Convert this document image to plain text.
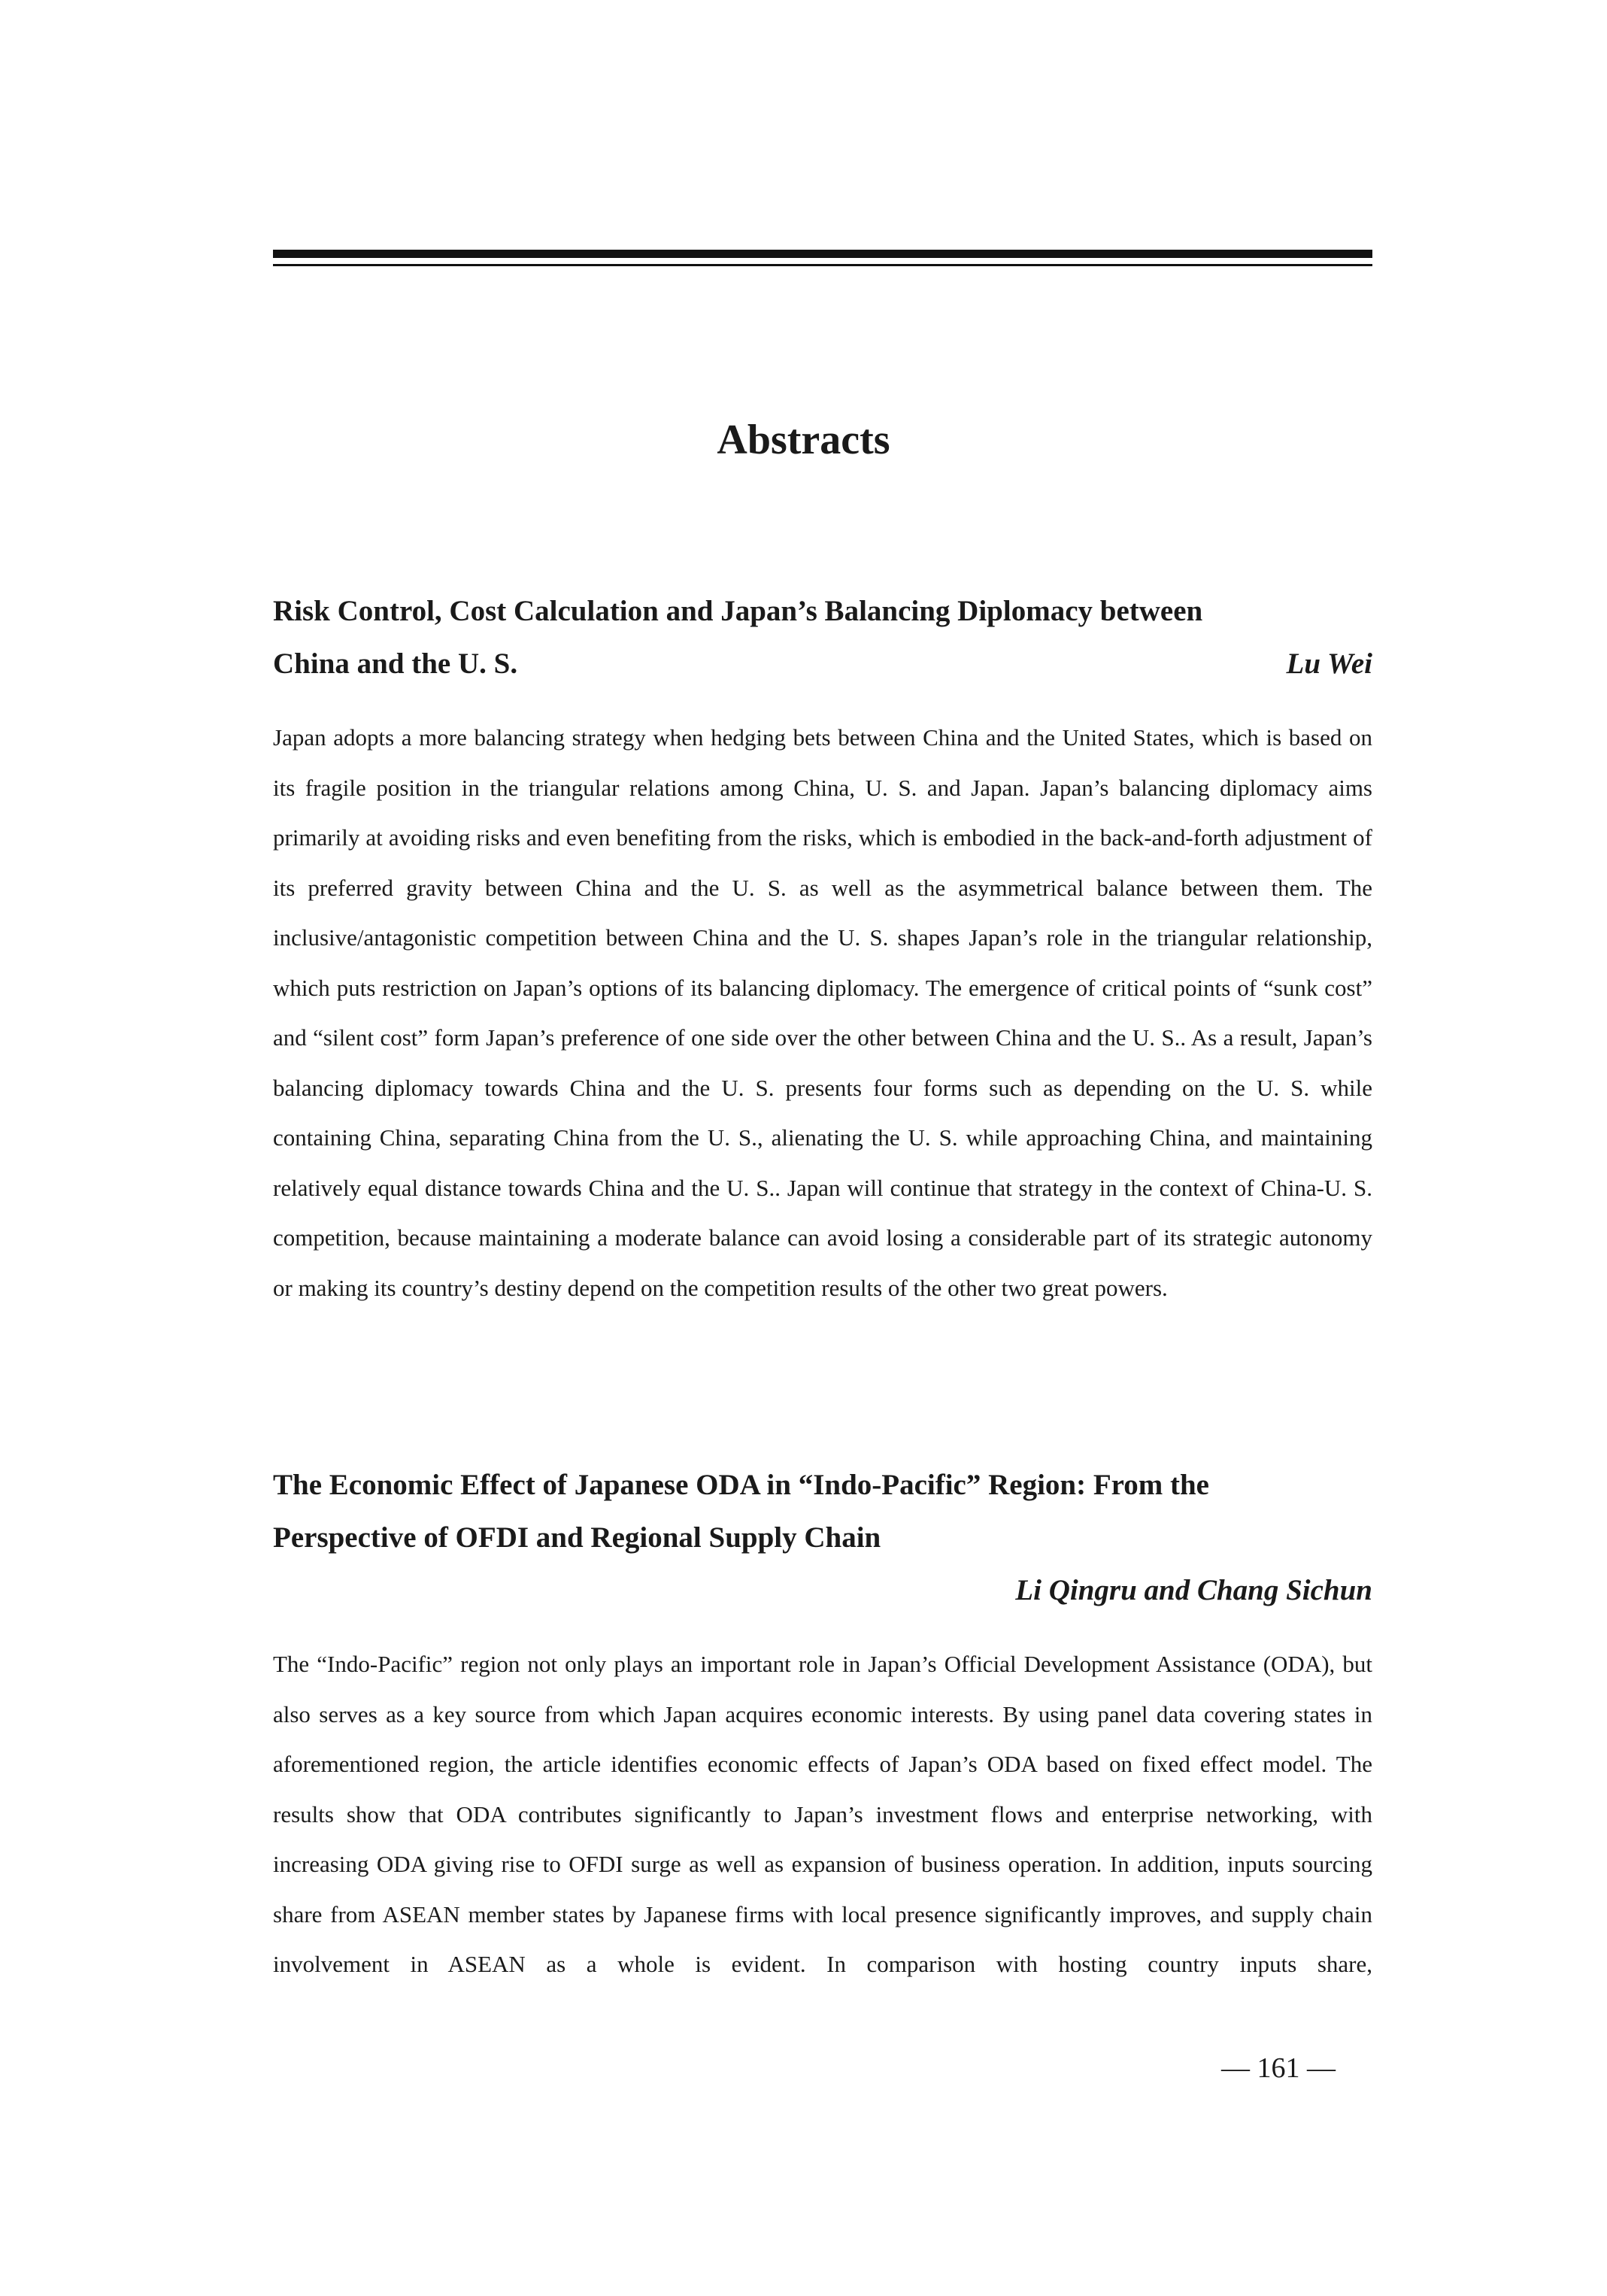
Abstracts

Risk Control, Cost Calculation and Japan’s Balancing Diplomacy between

China and the U. S.	Lu Wei

Japan adopts a more balancing strategy when hedging bets between China and the United States, which is based on its fragile position in the triangular relations among China, U. S. and Japan. Japan’s balancing diplomacy aims primarily at avoiding risks and even benefiting from the risks, which is embodied in the back-and-forth adjustment of its preferred gravity between China and the U. S. as well as the asymmetrical balance between them. The inclusive/antagonistic competition between China and the U. S. shapes Japan’s role in the triangular relationship, which puts restriction on Japan’s options of its balancing diplomacy. The emergence of critical points of “sunk cost” and “silent cost” form Japan’s preference of one side over the other between China and the U. S.. As a result, Japan’s balancing diplomacy towards China and the U. S. presents four forms such as depending on the U. S. while containing China, separating China from the U. S., alienating the U. S. while approaching China, and maintaining relatively equal distance towards China and the U. S.. Japan will continue that strategy in the context of China-U. S. competition, because maintaining a moderate balance can avoid losing a considerable part of its strategic autonomy or making its country’s destiny depend on the competition results of the other two great powers.

The Economic Effect of Japanese ODA in “Indo-Pacific” Region: From the

Perspective of OFDI and Regional Supply Chain

Li Qingru and Chang Sichun

The “Indo-Pacific” region not only plays an important role in Japan’s Official Development Assistance (ODA), but also serves as a key source from which Japan acquires economic interests. By using panel data covering states in aforementioned region, the article identifies economic effects of Japan’s ODA based on fixed effect model. The results show that ODA contributes significantly to Japan’s investment flows and enterprise networking, with increasing ODA giving rise to OFDI surge as well as expansion of business operation. In addition, inputs sourcing share from ASEAN member states by Japanese firms with local presence significantly improves, and supply chain involvement in ASEAN as a whole is evident. In comparison with hosting country inputs share,

— 161 —
